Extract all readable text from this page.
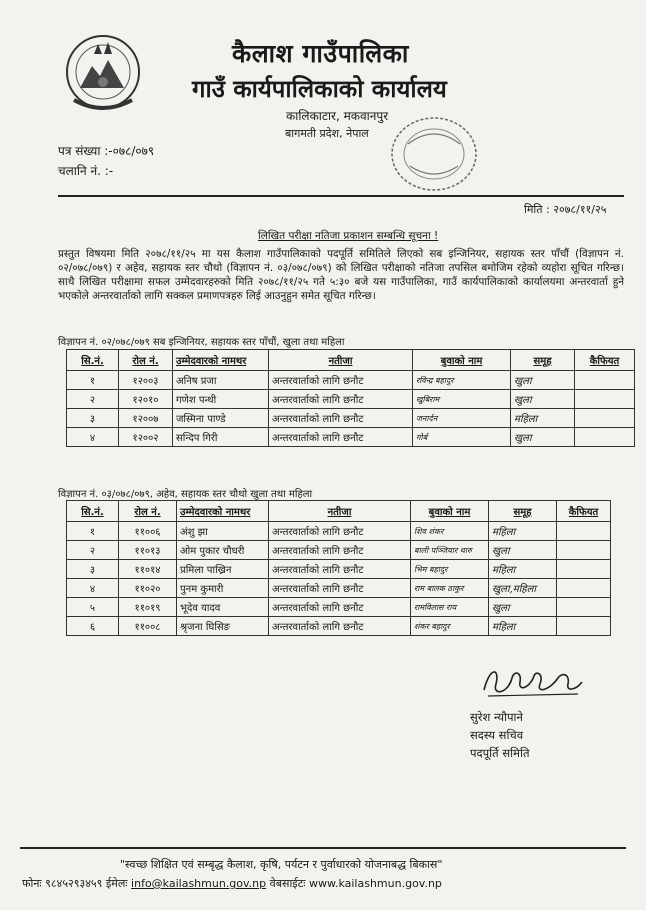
कैलाश गाउँपालिका
गाउँ कार्यपालिकाको कार्यालय
कालिकाटार, मकवानपुर
बागमती प्रदेश, नेपाल
पत्र संख्या :-०७८/०७९
चलानि नं. :-
मिति : २०७८/११/२५
लिखित परीक्षा नतिजा प्रकाशन सम्बन्धि सूचना !
प्रस्तुत विषयमा मिति २०७८/११/२५ मा यस कैलाश गाउँपालिकाको पदपूर्ति समितिले लिएको सब इन्जिनियर, सहायक स्तर पाँचौं (विज्ञापन नं. ०२/०७८/०७९) र अहेव, सहायक स्तर चौथो (विज्ञापन नं. ०३/०७८/०७९) को लिखित परीक्षाको नतिजा तपसिल बमोजिम रहेको व्यहोरा सूचित गरिन्छ। साथै लिखित परीक्षामा सफल उम्मेदवारहरुको मिति २०७८/११/२५ गते ५:३० बजे यस गाउँपालिका, गाउँ कार्यपालिकाको कार्यालयमा अन्तरवार्ता हुने भएकोले अन्तरवार्ताको लागि सक्कल प्रमाणपत्रहरु लिई आउनुहुन समेत सूचित गरिन्छ।
विज्ञापन नं. ०२/०७८/०७९ सब इन्जिनियर, सहायक स्तर पाँचौं, खुला तथा महिला
सि.नं.	रोल नं.	उम्मेदवारको नामथर	नतीजा	बुवाको नाम	समूह	कैफियत
१	१२००३	अनिष प्रजा	अन्तरवार्ताको लागि छनौट	रविन्द्र बहादुर	खुला	
२	१२०१०	गणेश पन्थी	अन्तरवार्ताको लागि छनौट	खुबिराम	खुला	
३	१२००७	जस्मिना पाण्डे	अन्तरवार्ताको लागि छनौट	जनार्दन	महिला	
४	१२००२	सन्दिप गिरी	अन्तरवार्ताको लागि छनौट	गोर्ब	खुला	
विज्ञापन नं. ०३/०७८/०७९, अहेव, सहायक स्तर चौथो खुला तथा महिला
सि.नं.	रोल नं.	उम्मेदवारको नामथर	नतीजा	बुवाको नाम	समूह	कैफियत
१	११००६	अंशु झा	अन्तरवार्ताको लागि छनौट	शिव शंकर	महिला	
२	११०१३	ओम पुकार चौधरी	अन्तरवार्ताको लागि छनौट	बाली पञ्जियार थारु	खुला	
३	११०१४	प्रमिला पाख्रिन	अन्तरवार्ताको लागि छनौट	भिम बहादुर	महिला	
४	११०२०	पुनम कुमारी	अन्तरवार्ताको लागि छनौट	राम बालक ठाकुर	खुला,महिला	
५	११०१९	भूदेव यादव	अन्तरवार्ताको लागि छनौट	रामविलास राय	खुला	
६	११००८	श्रृजना घिसिङ	अन्तरवार्ताको लागि छनौट	शंकर बहादुर	महिला	
सुरेश न्यौपाने
सदस्य सचिव
पदपूर्ति समिति
"स्वच्छ शिक्षित एवं सम्बृद्ध कैलाश, कृषि, पर्यटन र पुर्वाधारको योजनाबद्ध बिकास"
फोनः ९८४५२९३४५९ ईमेलः info@kailashmun.gov.np वेबसाईटः www.kailashmun.gov.np
